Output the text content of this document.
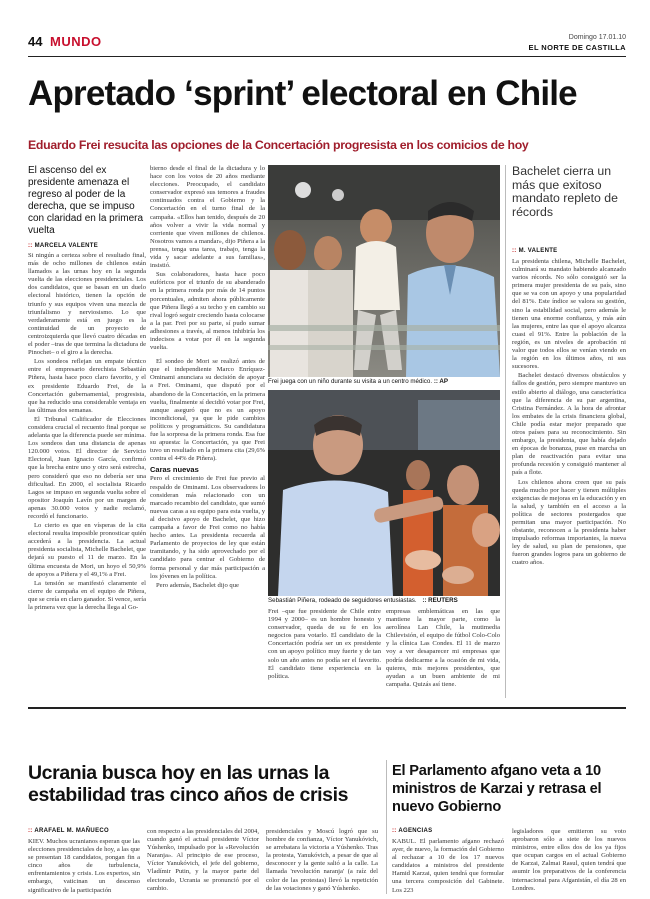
44 MUNDO	Domingo 17.01.10
EL NORTE DE CASTILLA
Apretado ‘sprint’ electoral en Chile
Eduardo Frei resucita las opciones de la Concertación progresista en los comicios de hoy
El ascenso del ex presidente amenaza el regreso al poder de la derecha, que se impuso con claridad en la primera vuelta
:: MARCELA VALENTE

Si ningún a certeza sobre el resultado final, más de ocho millones de chilenos están llamados a las urnas hoy en la segunda vuelta de las elecciones presidenciales. Los dos candidatos, que se basan en un duelo electoral histórico, tienen la opción de triunfo y sus equipos viven una mezcla de triunfalismo y nerviosismo. Lo que verdaderamente está en juego es la continuidad de un proyecto de centroizquierda que llevó cuatro décadas en el poder –tras de que termina la dictadura de Pinochet– o el giro a la derecha.

Los sondeos reflejan un empate técnico entre el empresario derechista Sebastián Piñera, hasta hace poco claro favorito, y el ex presidente Eduardo Frei, de la Concertación gubernamental, progresista, que ha reducido una considerable ventaja en las últimas dos semanas.

El Tribunal Calificador de Elecciones considera crucial el recuento final porque se adelanta que la diferencia puede ser mínima. Los sondeos dan una distancia de apenas 120.000 votos. El director de Servicio Electoral, Juan Ignacio García, confirmó que la brecha entre uno y otro será estrecha, pero consideró que eso no debería ser una dificultad. En 2000, el socialista Ricardo Lagos se impuso en segunda vuelta sobre el opositor Joaquín Lavín por un margen de apenas 30.000 votos y nadie reclamó, recordó el funcionario.

Lo cierto es que en vísperas de la cita electoral resulta imposible pronosticar quién accederá a la presidencia. La actual presidenta socialista, Michelle Bachelet, que dejará su puesto el 11 de marzo. En la última encuesta de Mori, un hoyo el 50,9% de apoyos a Piñera y el 49,1% a Frei.

La tensión se manifestó claramente el cierre de campaña en el equipo de Piñera, que se creía en claro ganador. Si vence, sería la primera vez que la derecha llega al Go-

bierno desde el final de la dictadura y lo hace con los votos de 20 años mediante elecciones. Preocupado, el candidato conservador expresó sus temores a fraudes continuados contra el Gobierno y la Concertación en el turno final de la campaña. «Ellos han tenido, después de 20 años volver a vivir la vida normal y corriente que viven millones de chilenos. Nosotros vamos a mandar», dijo Piñera a la prensa, tenga una tarea, trabajo, tenga la vida y sacar adelante a sus familias», insistió.

Sus colaboradores, hasta hace poco eufóricos por el triunfo de su abanderado en la primera ronda por más de 14 puntos porcentuales, admiten ahora públicamente que Piñera llegó a su techo y en cambio su rival logró seguir creciendo hasta colocarse a la par. Frei por su parte, sí pudo sumar adhesiones a través, al menos inhibiría los indecisos a votar por él en la segunda vuelta.

El sondeo de Mori se realizó antes de que el independiente Marco Enríquez-Ominami anunciara su decisión de apoyar a Frei. Ominami, que disputó por el abandono de la Concertación, en la primera vuelta, finalmente sí decidió votar por Frei, aunque aseguró que no es un apoyo incondicional, ya que le pide cambios políticos y programáticos. Su candidatura fue la sorpresa de la primera ronda. Esa fue su apuesta: la Concertación, ya que Frei tuvo un resultado en la primera cita (29,6% contra el 44% de Piñera).

Caras nuevas

Pero el crecimiento de Frei fue previo al respaldo de Ominami. Los observadores lo consideran más relacionado con un marcado recambio del candidato, que sumó nuevas caras a su equipo para esta vuelta, y al decisivo apoyo de Bachelet, que hizo campaña a favor de Frei como no había hecho antes. La presidenta recuerda al Parlamento de proyectos de ley que están tramitando, y ha sido aprovechado por el candidato para centrar el Gobierno de forma personal y dar más participación a los jóvenes en la política.

Pero además, Bachelet dijo que

Frei juega con un niño durante su visita a un centro médico. :: AP
Sebastián Piñera, rodeado de seguidores entusiastas. :: REUTERS

Frei –que fue presidente de Chile entre 1994 y 2000– es un hombre honesto y conservador, queda de su fe en los negocios para votarlo. El candidato de la Concertación podría ser un ex presidente con un apoyo político muy fuerte y de tan solo un año antes no podía ser el favorito. El candidato tiene experiencia en la política.

empresas emblemáticas en las que mantiene la mayor parte, como la aerolínea Lan Chile, la mutimedia Chilevisión, el equipo de fútbol Colo-Colo y la clínica Las Condes. El 11 de marzo voy a ver desaparecer mi empresas que podría dedicarme a la ocasión de mi vida, quieres, mis mejores presidentes, que ayudan a un buen ambiente de mi campaña. Quizás así tiene.

Bachelet cierra un más que exitoso mandato repleto de récords
:: M. VALENTE

La presidenta chilena, Michelle Bachelet, culminará su mandato habiendo alcanzado varios récords. No sólo consiguió ser la primera mujer presidenta de su país, sino que se va con un apoyo y una popularidad del 81%. Este índice se valora su gestión, sino la estabilidad social, pero además le tienen una enorme confianza, y más aún las mujeres, entre las que el apoyo alcanza cuasi el 91%. Entre la población de la región, es un niveles de aprobación ni valor que todos ellos se venían viendo en la región en los últimos años, ni sus sucesores.

Bachelet destacó diversos obstáculos y fallos de gestión, pero siempre mantuvo un estilo abierto al diálogo, una característica que la diferencia de su par argentina, Cristina Fernández. A la hora de afrontar los embates de la crisis financiera global, Chile podía estar mejor preparado que otros países para su reconocimiento. Sin embargo, la presidenta, que había dejado en épocas de bonanza, puse en marcha un plan de reactivación para evitar una profunda recesión y consiguió mantener al país a flote.

Los chilenos ahora creen que su país queda mucho por hacer y tienen múltiples exigencias de mejoras en la educación y en la salud, y también en el acceso a la política de sectores postergados que permitan una mayor participación. No obstante, reconocen a la presidenta haber impulsado reformas importantes, la nueva ley de salud, su plan de pensiones, que fueron grandes logros para un gobierno de cuatro años.

Ucrania busca hoy en las urnas la estabilidad tras cinco años de crisis
:: ARAFAEL M. MAÑUECO
KIEV. Muchos ucranianos esperan que las elecciones presidenciales de hoy, a las que se presentan 18 candidatos, pongan fin a cinco años de turbulencia, enfrentamientos y crisis. Los expertos, sin embargo, vaticinan un descenso significativo de la participación
con respecto a las presidenciales del 2004, cuando ganó el actual presidente Víctor Yúshenko, impulsado por la «Revolución Naranja». Al principio de ese proceso, Víctor Yanukóvich, el jefe del gobierno, Vladímir Putin, y la mayor parte del electorado, Ucrania se pronunció por el cambio.
presidenciales y Moscú logró que su hombre de confianza, Víctor Yanukóvich, se arrebatara la victoria a Yúshenko. Tras la protesta, Yanukóvich, a pesar de que al desconocer y la gente salió a la calle. La llamada 'revolución naranja' (a raíz del color de las protestas) llevó la repetición de las votaciones y ganó Yúshenko.
El Parlamento afgano veta a 10 ministros de Karzai y retrasa el nuevo Gobierno
:: AGENCIAS
KABUL. El parlamento afgano rechazó ayer, de nuevo, la formación del Gobierno al rechazar a 10 de los 17 nuevos candidatos a ministros del presidente Hamid Karzai, quien tendrá que formular una tercera composición del Gabinete. Los 223
legisladores que emitieron su voto aprobaron sólo a siete de los nuevos ministros, entre ellos dos de los ya fijos que ocupan cargos en el actual Gobierno de Karzai, Zalmai Rasul, quien tendrá que asumir los preparativos de la conferencia internacional para Afganistán, el día 28 en Londres.
